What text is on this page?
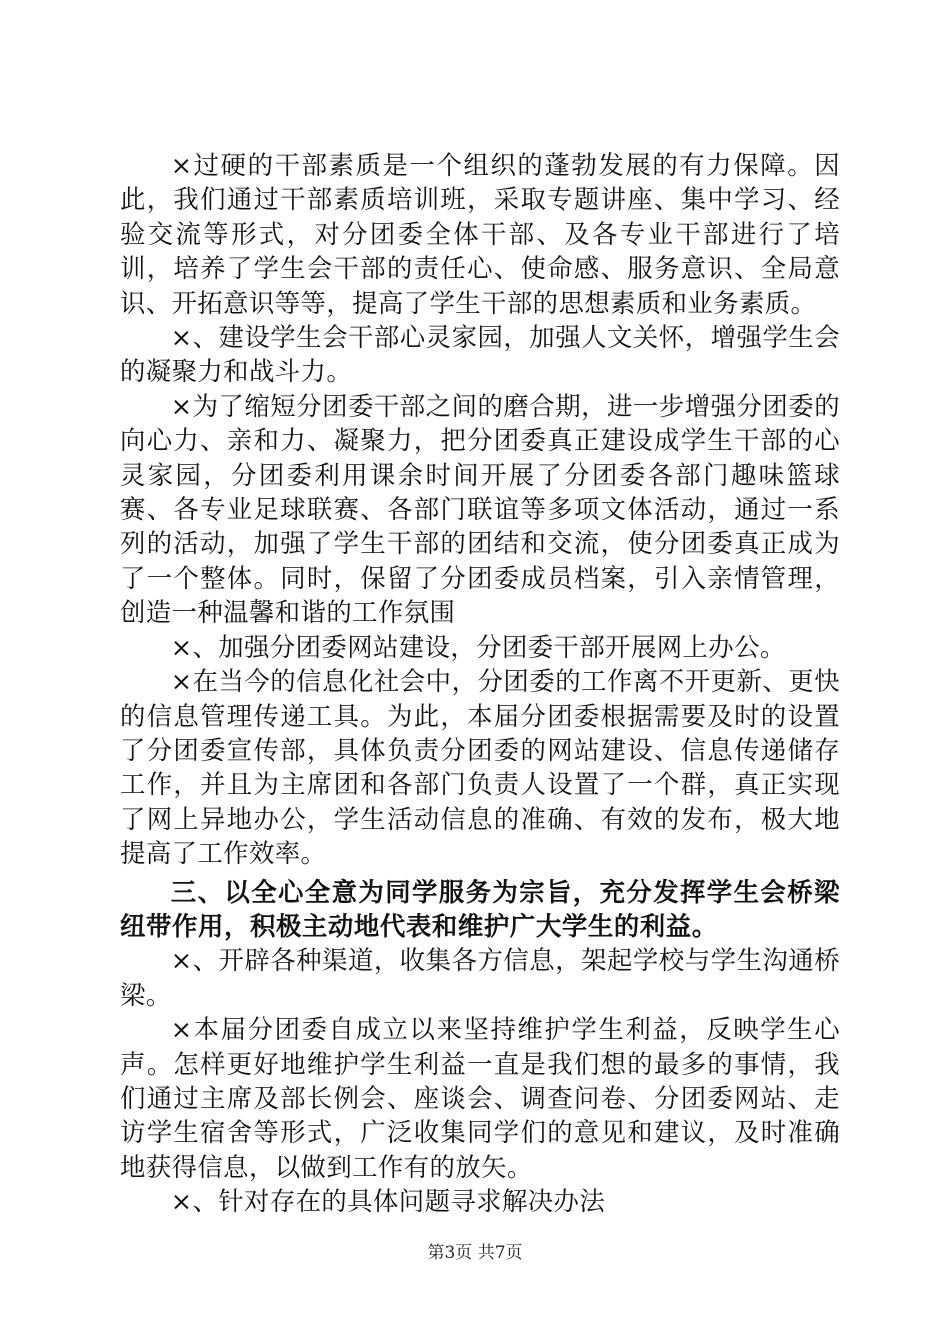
×过硬的干部素质是一个组织的蓬勃发展的有力保障。因此，我们通过干部素质培训班，采取专题讲座、集中学习、经验交流等形式，对分团委全体干部、及各专业干部进行了培训，培养了学生会干部的责任心、使命感、服务意识、全局意识、开拓意识等等，提高了学生干部的思想素质和业务素质。

×、建设学生会干部心灵家园，加强人文关怀，增强学生会的凝聚力和战斗力。

×为了缩短分团委干部之间的磨合期，进一步增强分团委的向心力、亲和力、凝聚力，把分团委真正建设成学生干部的心灵家园，分团委利用课余时间开展了分团委各部门趣味篮球赛、各专业足球联赛、各部门联谊等多项文体活动，通过一系列的活动，加强了学生干部的团结和交流，使分团委真正成为了一个整体。同时，保留了分团委成员档案，引入亲情管理，创造一种温馨和谐的工作氛围

×、加强分团委网站建设，分团委干部开展网上办公。

×在当今的信息化社会中，分团委的工作离不开更新、更快的信息管理传递工具。为此，本届分团委根据需要及时的设置了分团委宣传部，具体负责分团委的网站建设、信息传递储存工作，并且为主席团和各部门负责人设置了一个群，真正实现了网上异地办公，学生活动信息的准确、有效的发布，极大地提高了工作效率。

三、以全心全意为同学服务为宗旨，充分发挥学生会桥梁纽带作用，积极主动地代表和维护广大学生的利益。

×、开辟各种渠道，收集各方信息，架起学校与学生沟通桥梁。

×本届分团委自成立以来坚持维护学生利益，反映学生心声。怎样更好地维护学生利益一直是我们想的最多的事情，我们通过主席及部长例会、座谈会、调查问卷、分团委网站、走访学生宿舍等形式，广泛收集同学们的意见和建议，及时准确地获得信息，以做到工作有的放矢。

×、针对存在的具体问题寻求解决办法

第3页 共7页
